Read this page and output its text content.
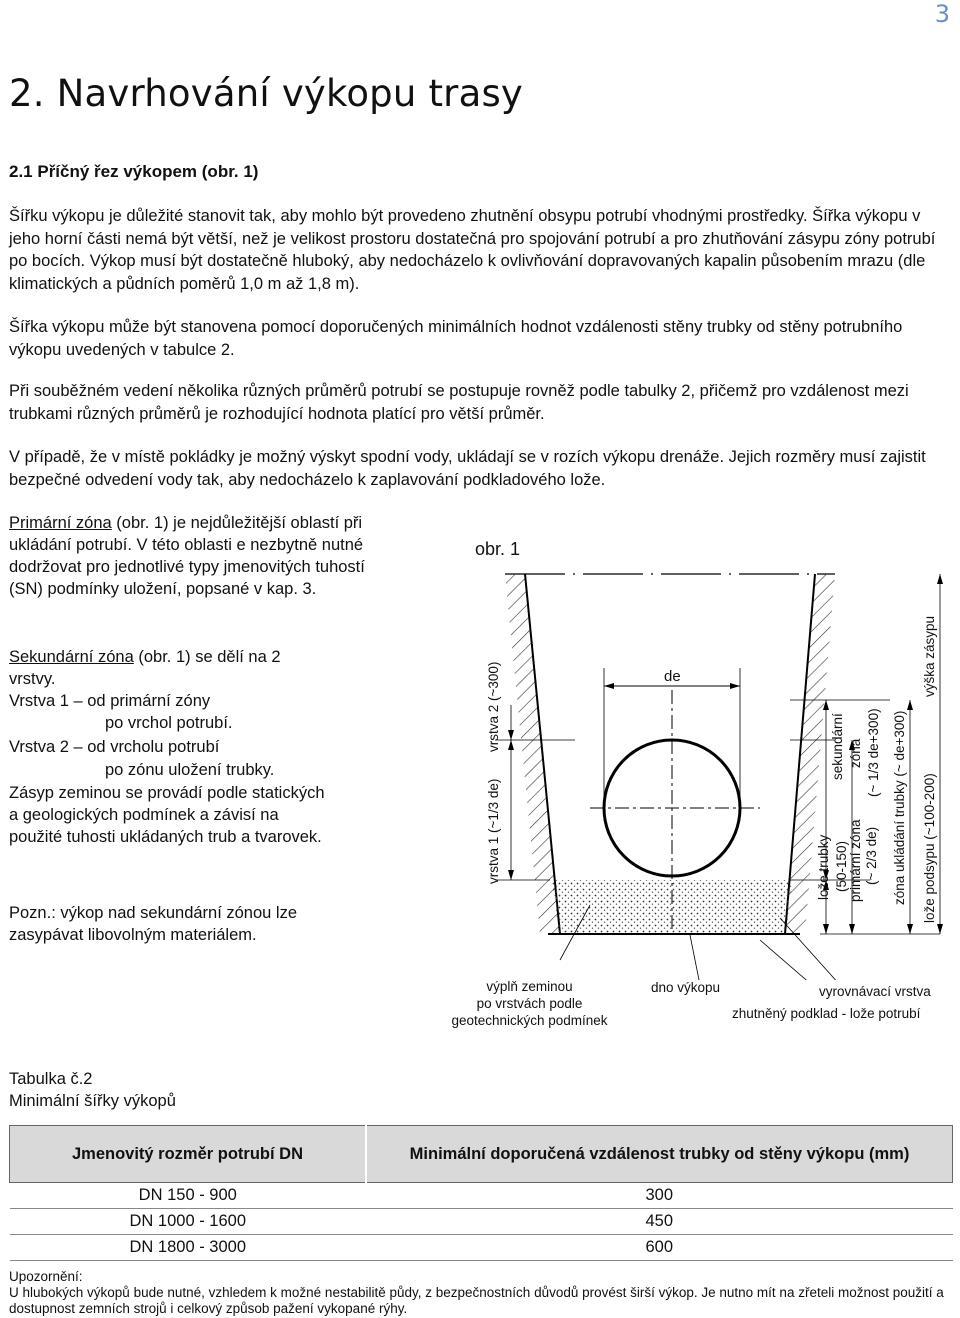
3
2. Navrhování výkopu trasy
2.1 Příčný řez výkopem (obr. 1)
Šířku výkopu je důležité stanovit tak, aby mohlo být provedeno zhutnění obsypu potrubí vhodnými prostředky. Šířka výkopu v jeho horní části nemá být větší, než je velikost prostoru dostatečná pro spojování potrubí a pro zhutňování zásypu zóny potrubí po bocích. Výkop musí být dostatečně hluboký, aby nedocházelo k ovlivňování dopravovaných kapalin působením mrazu (dle klimatických a půdních poměrů 1,0 m až 1,8 m).
Šířka výkopu může být stanovena pomocí doporučených minimálních hodnot vzdálenosti stěny trubky od stěny potrubního výkopu uvedených v tabulce 2.
Při souběžném vedení několika různých průměrů potrubí se postupuje rovněž podle tabulky 2, přičemž pro vzdálenost mezi trubkami různých průměrů je rozhodující hodnota platící pro větší průměr.
V případě, že v místě pokládky je možný výskyt spodní vody, ukládají se v rozích výkopu drenáže. Jejich rozměry musí zajistit bezpečné odvedení vody tak, aby nedocházelo k zaplavování podkladového lože.
Primární zóna (obr. 1) je nejdůležitější oblastí při ukládání potrubí. V této oblasti e nezbytně nutné dodržovat pro jednotlivé typy jmenovitých tuhostí (SN) podmínky uložení, popsané v kap. 3.
Sekundární zóna (obr. 1) se dělí na 2 vrstvy.
Vrstva 1 – od primární zóny
po vrchol potrubí.
Vrstva 2 – od vrcholu potrubí
po zónu uložení trubky.
Zásyp zeminou se provádí podle statických a geologických podmínek a závisí na použité tuhosti ukládaných trub a tvarovek.
Pozn.: výkop nad sekundární zónou lze zasypávat libovolným materiálem.
obr. 1
de
vrstva 1 (~1/3 de)
vrstva 2 (~300)	sekundární zóna (~ 1/3 de+300)
lože trubky (50-150) primární zóna (~ 2/3 de) zóna ukládání trubky (~ de+300)
výška zásypu
lože podsypu (~100-200)
výplň zeminou
po vrstvách podle
geotechnických podmínek
dno výkopu	vyrovnávací vrstva
zhutněný podklad - lože potrubí
Tabulka č.2
Minimální šířky výkopů
Jmenovitý rozměr potrubí DN	Minimální doporučená vzdálenost trubky od stěny výkopu (mm)
DN 150 - 900	300
DN 1000 - 1600	450
DN 1800 - 3000	600
Upozornění:
U hlubokých výkopů bude nutné, vzhledem k možné nestabilitě půdy, z bezpečnostních důvodů provést širší výkop. Je nutno mít na zřeteli možnost použití a dostupnost zemních strojů i celkový způsob pažení vykopané rýhy.
